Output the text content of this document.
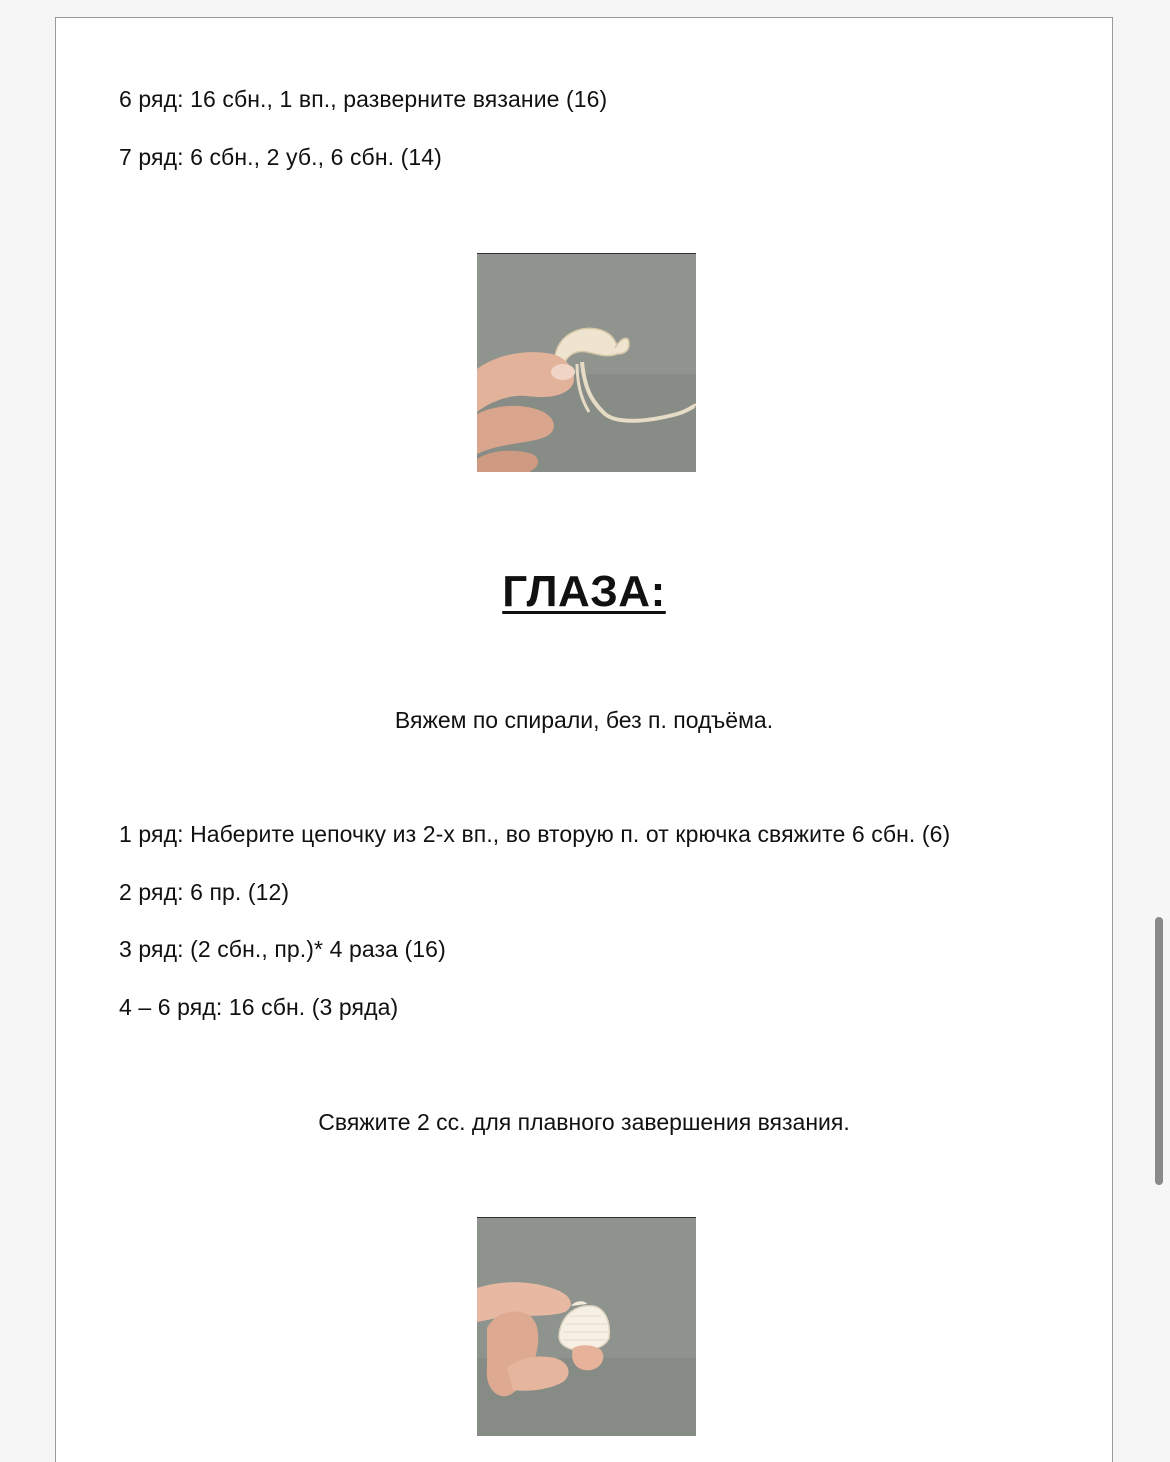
6 ряд: 16 сбн., 1 вп., разверните вязание (16)
7 ряд: 6 сбн., 2 уб., 6 сбн. (14)
ГЛАЗА:
Вяжем по спирали, без п. подъёма.
1 ряд: Наберите цепочку из 2-х вп., во вторую п. от крючка свяжите 6 сбн. (6)
2 ряд: 6 пр. (12)
3 ряд: (2 сбн., пр.)* 4 раза (16)
4 – 6 ряд: 16 сбн. (3 ряда)
Свяжите 2 сс. для плавного завершения вязания.
